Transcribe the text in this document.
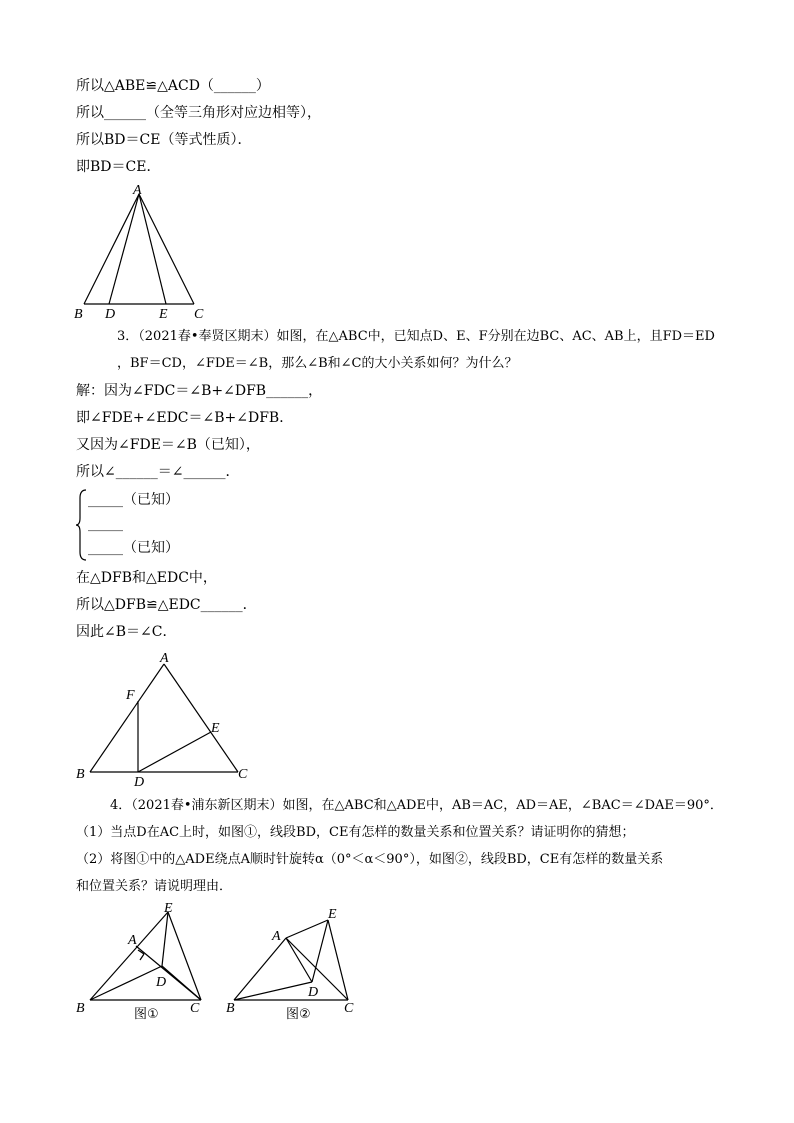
所以△ABE≌△ACD（______）
所以______（全等三角形对应边相等），
所以BD＝CE（等式性质）．
即BD＝CE．
A
B D	E C
3．（2021春•奉贤区期末）如图，在△ABC中，已知点D、E、F分别在边BC、AC、AB上，且FD＝ED
，BF＝CD，∠FDE＝∠B，那么∠B和∠C的大小关系如何？为什么？
解：因为∠FDC＝∠B+∠DFB______，
即∠FDE+∠EDC＝∠B+∠DFB．
又因为∠FDE＝∠B（已知），
所以∠______＝∠______．
_____（已知）
_____
_____（已知）
在△DFB和△EDC中，
所以△DFB≌△EDC______．
因此∠B＝∠C．
A
F
E
B
D
C
4．（2021春•浦东新区期末）如图，在△ABC和△ADE中，AB＝AC，AD＝AE，∠BAC＝∠DAE＝90°．
（1）当点D在AC上时，如图①，线段BD，CE有怎样的数量关系和位置关系？请证明你的猜想；
（2）将图①中的△ADE绕点A顺时针旋转α（0°＜α＜90°），如图②，线段BD，CE有怎样的数量关系
和位置关系？请说明理由．
E
A
D
B	C
图①
E
A
D
B	C
图②
